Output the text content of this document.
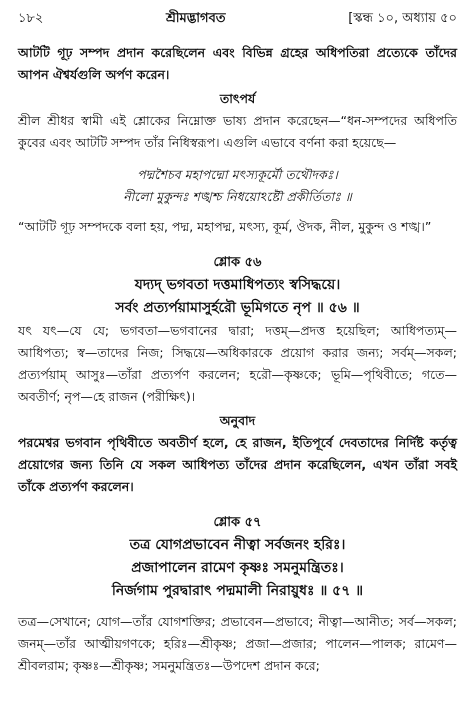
১৮২	শ্রীমদ্ভাগবত	[স্কন্ধ ১০, অধ্যায় ৫০

আটটি গূঢ় সম্পদ প্রদান করেছিলেন এবং বিভিন্ন গ্রহের অধিপতিরা প্রত্যেকে তাঁদের আপন ঐশ্বর্যগুলি অর্পণ করেন।

তাৎপর্য

শ্রীল শ্রীধর স্বামী এই শ্লোকের নিম্নোক্ত ভাষ্য প্রদান করেছেন—“ধন-সম্পদের অধিপতি কুবের এবং আটটি সম্পদ তাঁর নিধিস্বরূপ। এগুলি এভাবে বর্ণনা করা হয়েছে—

পদ্মশৈচব মহাপদ্মো মৎস্যকূর্মৌ তথৌদকঃ।

নীলো মুকুন্দঃ শঙ্খশ্চ নিধয়োঽষ্টৌ প্রকীর্তিতাঃ ॥

“আটটি গূঢ় সম্পদকে বলা হয়, পদ্ম, মহাপদ্ম, মৎস্য, কূর্ম, ঔদক, নীল, মুকুন্দ ও শঙ্খ।”

শ্লোক ৫৬

যদ্যদ্ ভগবতা দত্তমাধিপত্যং স্বসিদ্ধয়ে।

সর্বং প্রত্যর্পয়ামাসুর্হরৌ ভূমিগতে নৃপ ॥ ৫৬ ॥

যৎ যৎ—যে যে; ভগবতা—ভগবানের দ্বারা; দত্তম্—প্রদত্ত হয়েছিল; আধিপত্যম্—আধিপত্য; স্ব—তাদের নিজ; সিদ্ধয়ে—অধিকারকে প্রয়োগ করার জন্য; সর্বম্—সকল; প্রত্যর্পয়াম্ আসুঃ—তাঁরা প্রত্যর্পণ করলেন; হরৌ—কৃষ্ণকে; ভূমি—পৃথিবীতে; গতে—অবতীর্ণ; নৃপ—হে রাজন (পরীক্ষিৎ)।

অনুবাদ

পরমেশ্বর ভগবান পৃথিবীতে অবতীর্ণ হলে, হে রাজন, ইতিপূর্বে দেবতাদের নির্দিষ্ট কর্তৃত্ব প্রয়োগের জন্য তিনি যে সকল আধিপত্য তাঁদের প্রদান করেছিলেন, এখন তাঁরা সবই তাঁকে প্রত্যর্পণ করলেন।

শ্লোক ৫৭

তত্র যোগপ্রভাবেন নীত্বা সর্বজনং হরিঃ।

প্রজাপালেন রামেণ কৃষ্ণঃ সমনুমন্ত্রিতঃ।

নির্জগাম পুরদ্বারাৎ পদ্মমালী নিরায়ুধঃ ॥ ৫৭ ॥

তত্র—সেখানে; যোগ—তাঁর যোগশক্তির; প্রভাবেন—প্রভাবে; নীত্বা—আনীত; সর্ব—সকল; জনম্—তাঁর আত্মীয়গণকে; হরিঃ—শ্রীকৃষ্ণ; প্রজা—প্রজার; পালেন—পালক; রামেণ—শ্রীবলরাম; কৃষ্ণঃ—শ্রীকৃষ্ণ; সমনুমন্ত্রিতঃ—উপদেশ প্রদান করে;
